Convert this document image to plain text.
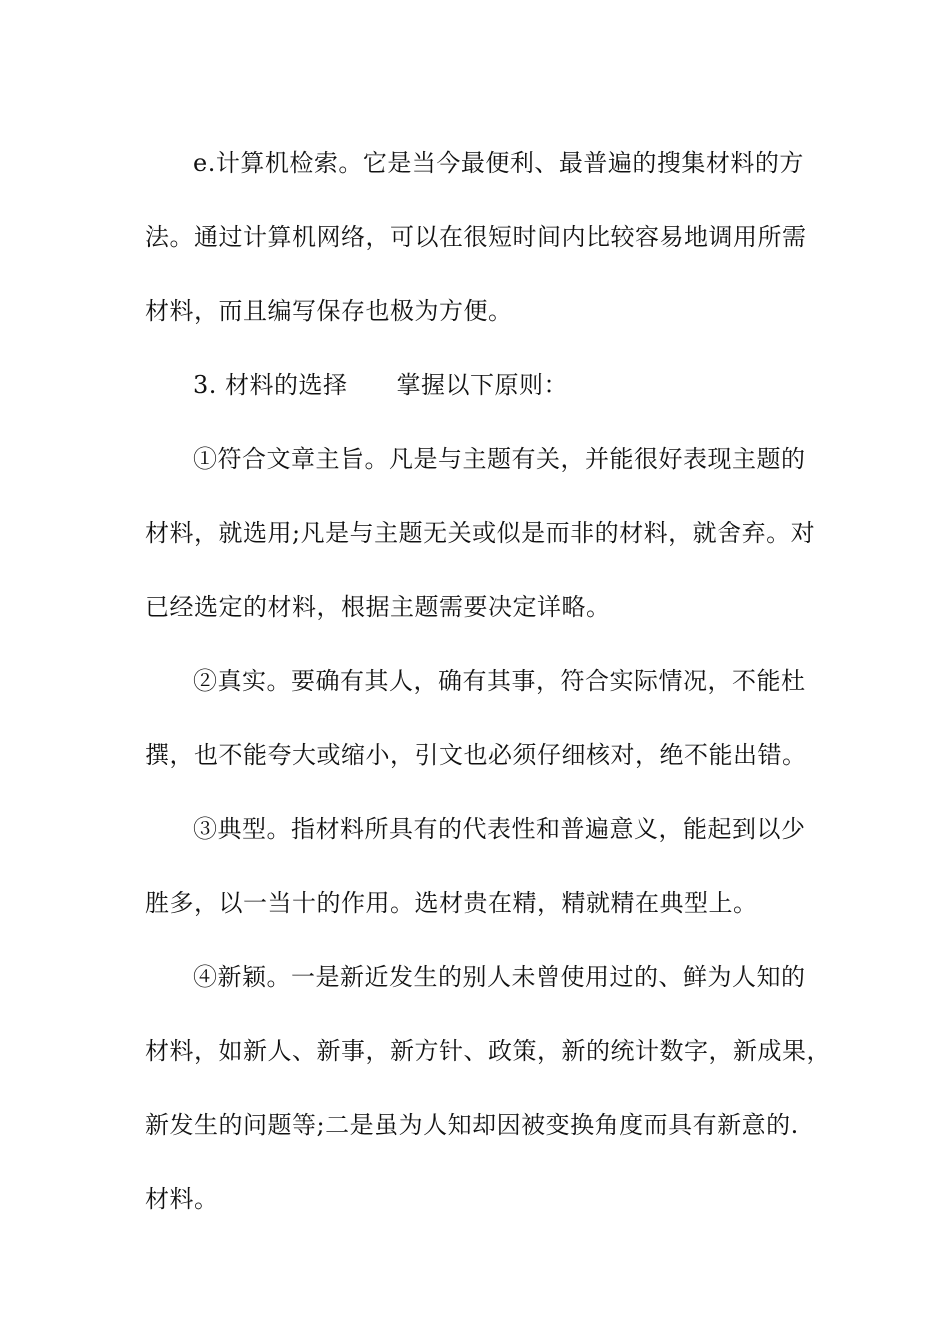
e.计算机检索。它是当今最便利、最普遍的搜集材料的方

法。通过计算机网络，可以在很短时间内比较容易地调用所需

材料，而且编写保存也极为方便。

3. 材料的选择　　掌握以下原则：

①符合文章主旨。凡是与主题有关，并能很好表现主题的

材料，就选用;凡是与主题无关或似是而非的材料，就舍弃。对

已经选定的材料，根据主题需要决定详略。

②真实。要确有其人，确有其事，符合实际情况，不能杜

撰，也不能夸大或缩小，引文也必须仔细核对，绝不能出错。

③典型。指材料所具有的代表性和普遍意义，能起到以少

胜多，以一当十的作用。选材贵在精，精就精在典型上。

④新颖。一是新近发生的别人未曾使用过的、鲜为人知的

材料，如新人、新事，新方针、政策，新的统计数字，新成果，

新发生的问题等;二是虽为人知却因被变换角度而具有新意的.

材料。
